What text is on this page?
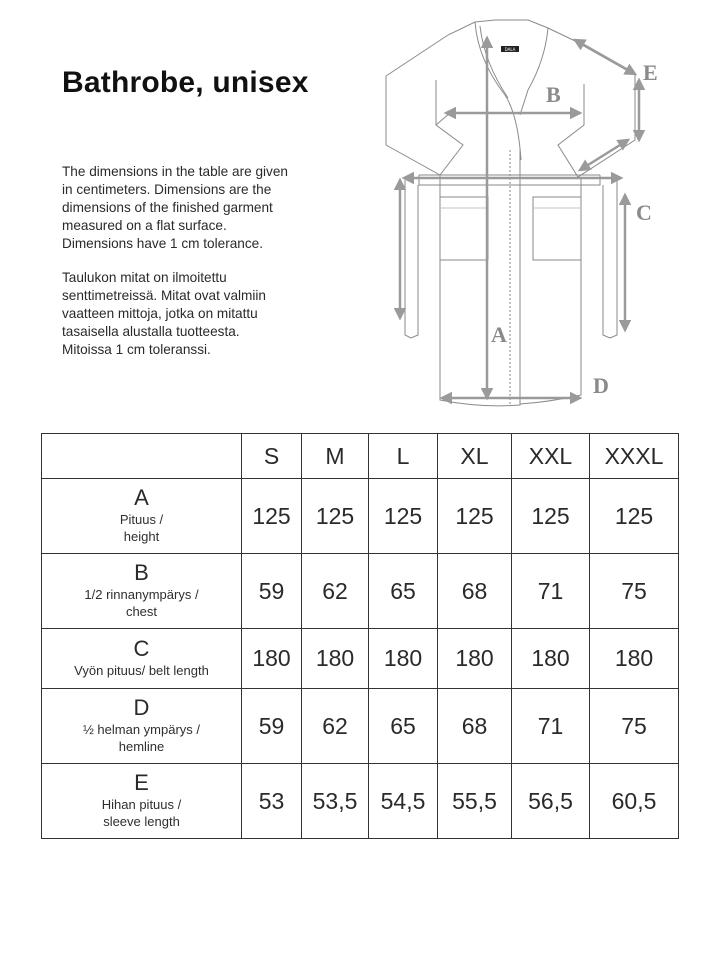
Bathrobe, unisex

The dimensions in the table are given
in centimeters. Dimensions are the
dimensions of the finished garment
measured on a flat surface.
Dimensions have 1 cm tolerance.

Taulukon mitat on ilmoitettu
senttimetreissä. Mitat ovat valmiin
vaatteen mittoja, jotka on mitattu
tasaisella alustalla tuotteesta.
Mitoissa 1 cm toleranssi.

DALA
A
B
C
D
E
	S	M	L	XL	XXL	XXXL

A
Pituus /
height	125	125	125	125	125	125

B
1/2 rinnanympärys /
chest	59	62	65	68	71	75

C
Vyön pituus/ belt length	180	180	180	180	180	180

D
½ helman ympärys /
hemline	59	62	65	68	71	75

E
Hihan pituus /
sleeve length	53	53,5	54,5	55,5	56,5	60,5
